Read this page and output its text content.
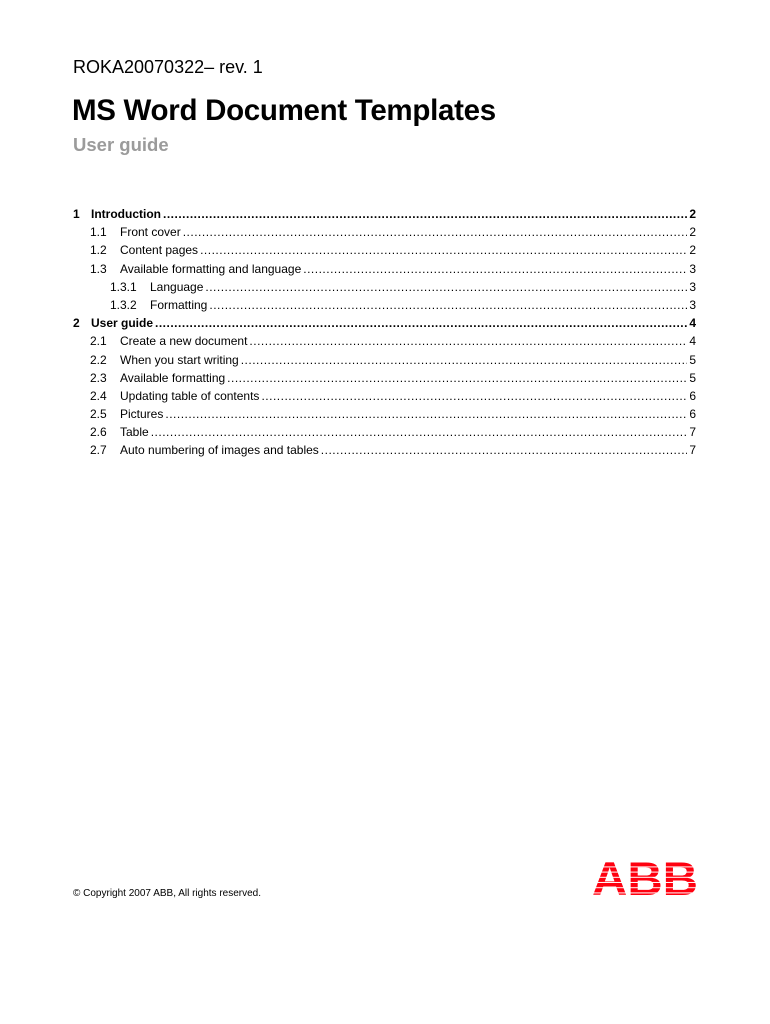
ROKA20070322– rev. 1
MS Word Document Templates
User guide
1 Introduction .....	2
1.1	Front cover .....	2
1.2	Content pages .....	2
1.3	Available formatting and language .....	3
1.3.1	Language .....	3
1.3.2	Formatting .....	3
2 User guide .....	4
2.1	Create a new document .....	4
2.2	When you start writing .....	5
2.3	Available formatting .....	5
2.4	Updating table of contents .....	6
2.5	Pictures .....	6
2.6	Table .....	7
2.7	Auto numbering of images and tables .....	7
© Copyright 2007 ABB, All rights reserved.	ABB
